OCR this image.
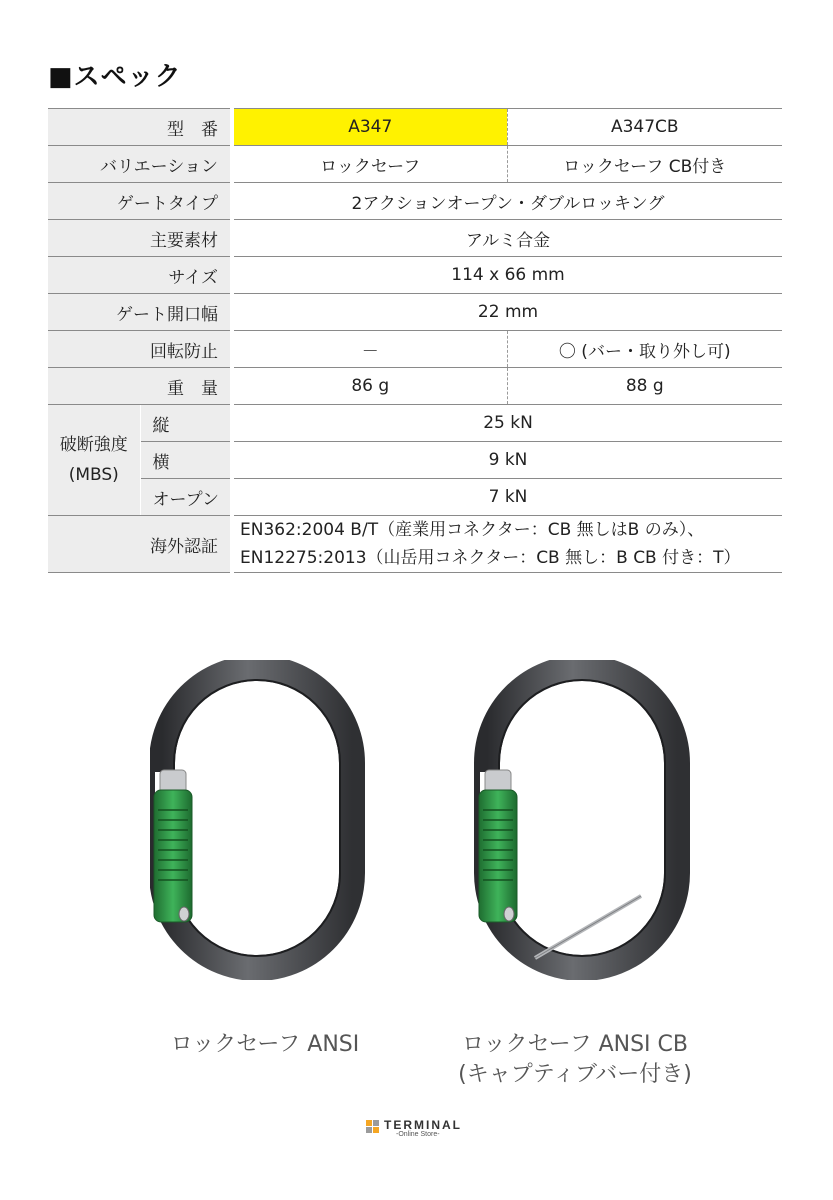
■スペック
型　番		A347	A347CB
バリエーション		ロックセーフ	ロックセーフ CB付き
ゲートタイプ		2アクションオープン・ダブルロッキング	
主要素材		アルミ合金	
サイズ		114 x 66 mm	
ゲート開口幅		22 mm	
回転防止		－	〇 (バー・取り外し可)
重　量		86 g	88 g
破断強度
(MBS)	縦	25 kN	
	横	9 kN	
	オープン	7 kN	
海外認証		EN362:2004 B/T（産業用コネクター：CB 無しはB のみ）、
EN12275:2013（山岳用コネクター：CB 無し：B CB 付き：T）	
ロックセーフ ANSI	ロックセーフ ANSI CB
(キャプティブバー付き)
TERMINAL
-Online Store-
